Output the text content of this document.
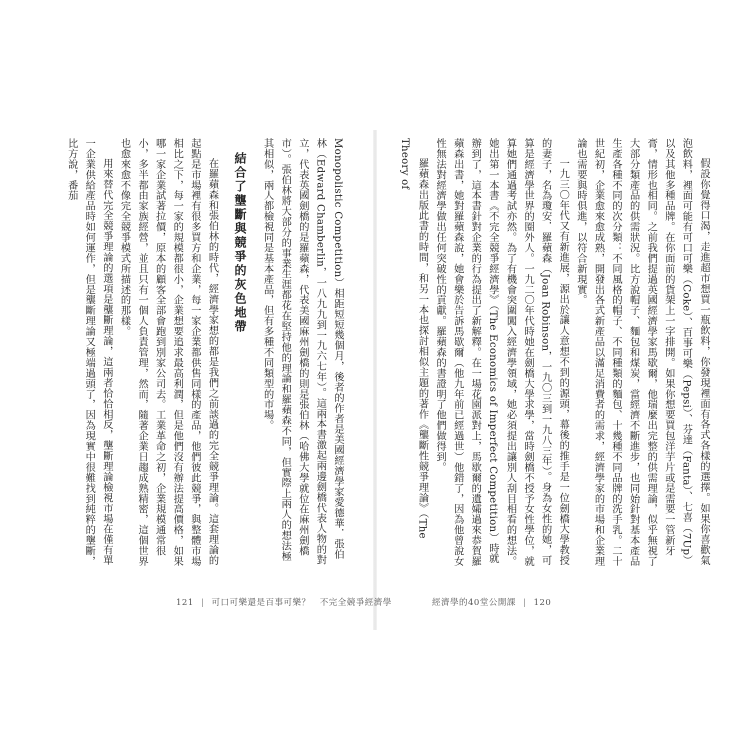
假設你覺得口渴，走進超市想買一瓶飲料，你發現裡面有各式各樣的選擇。如果你喜歡氣泡飲料，裡面可能有可口可樂（Coke）、百事可樂（Pepsi）、芬達（Fanta）、七喜（7Up）以及其他多種品牌。在你面前的貨架上一字排開。如果你想要買包洋芋片或是需要一管新牙膏，情形也相同。之前我們提過英國經濟學家馬歇爾，他瑞麼出完整的供需理論，似乎無視了大部分類產品的供需狀況。比方說帽子、麵包和煤炭，當經濟不斷進步，也同始針對基本產品生產各種不同的次分類：不同風格的帽子、不同種類的麵包、十幾種不同品牌的洗手乳。二十世紀初，企業愈來愈成熟，開發出各式新產品以滿足消費者的需求，經濟學家的市場和企業理論也需要與時俱進，以符合新現實。

一九三〇年代又有新進展，源出於讓人意想不到的源頭，幕後的推手是一位劍橋大學教授的妻子，名為瓊安．羅蘋森（Joan Robinson，一九〇三到一九八三年）。身為女性的她，可算是經濟學世界的圈外人。一九二〇年代時她在劍橋大學求學，當時劍橋不授予女性學位，就算她們通過考試亦然。為了有機會突圍闖入經濟學領域，她必須提出讓別人刮目相看的想法。她出第一本書《不完全競爭經濟學》（The Economics of Imperfect Competition）時就辦到了，這本書針對企業的行為提出了新解釋。在一場花園派對上，馬歇爾的遺孀過來恭賀羅蘋森出書，她對羅蘋森說，她會樂於告訴馬歇爾（他九年前已經過世）他錯了，因為他曾說女性無法對經濟學做出任何突破性的貢獻。羅蘋森的書證明了他們做得到。

羅蘋森出版此書的時間，和另一本也探討相似主題的著作《壟斷性競爭理論》（The Theory of

Monopolistic Competition）相距短短幾個月，後者的作者是美國經濟學家愛德華．張伯林（Edward Chamberlin，一八九九到一九六七年）。這兩本書激起兩邊劍橋代表人物的對立，代表英國劍橋的是羅蘋森，代表美國麻州劍橋的則是張伯林（哈佛大學就位在麻州劍橋市）。張伯林將大部分的事業生涯都花在堅持他的理論和羅蘋森不同，但實際上兩人的想法極其相似，兩人都檢視同是基本產品，但有多種不同類型的市場。

結合了壟斷與競爭的灰色地帶

在羅蘋森和張伯林的時代，經濟學家想的都是我們之前談過的完全競爭理論。這套理論的起點是市場裡有很多買方和企業，每一家企業都供售同樣的產品，他們彼此競爭，與整體市場相比之下，每一家的規模都很小，企業想要追求最高利潤，但是他們沒有辦法提高價格，如果哪一家企業試著拉價，原本的顧客全部會跑到別家公司去。工業革命之初，企業規模通常很小，多半都由家族經營，並且只有一個人負責管理，然而，隨著企業日趨成熟精密，這個世界也愈來愈不像完全競爭模式所描述的那樣。

用來替代完全競爭理論的選項是壟斷理論，這兩者恰恰相反，壟斷理論檢視市場在僅有單一企業供給產品時如何運作，但是壟斷理論又極端過頭了，因為現實中很難找到純粹的壟斷，比方說，番茄

121 | 可口可樂還是百事可樂？ 不完全競爭經濟學	經濟學的40堂公開課 | 120
